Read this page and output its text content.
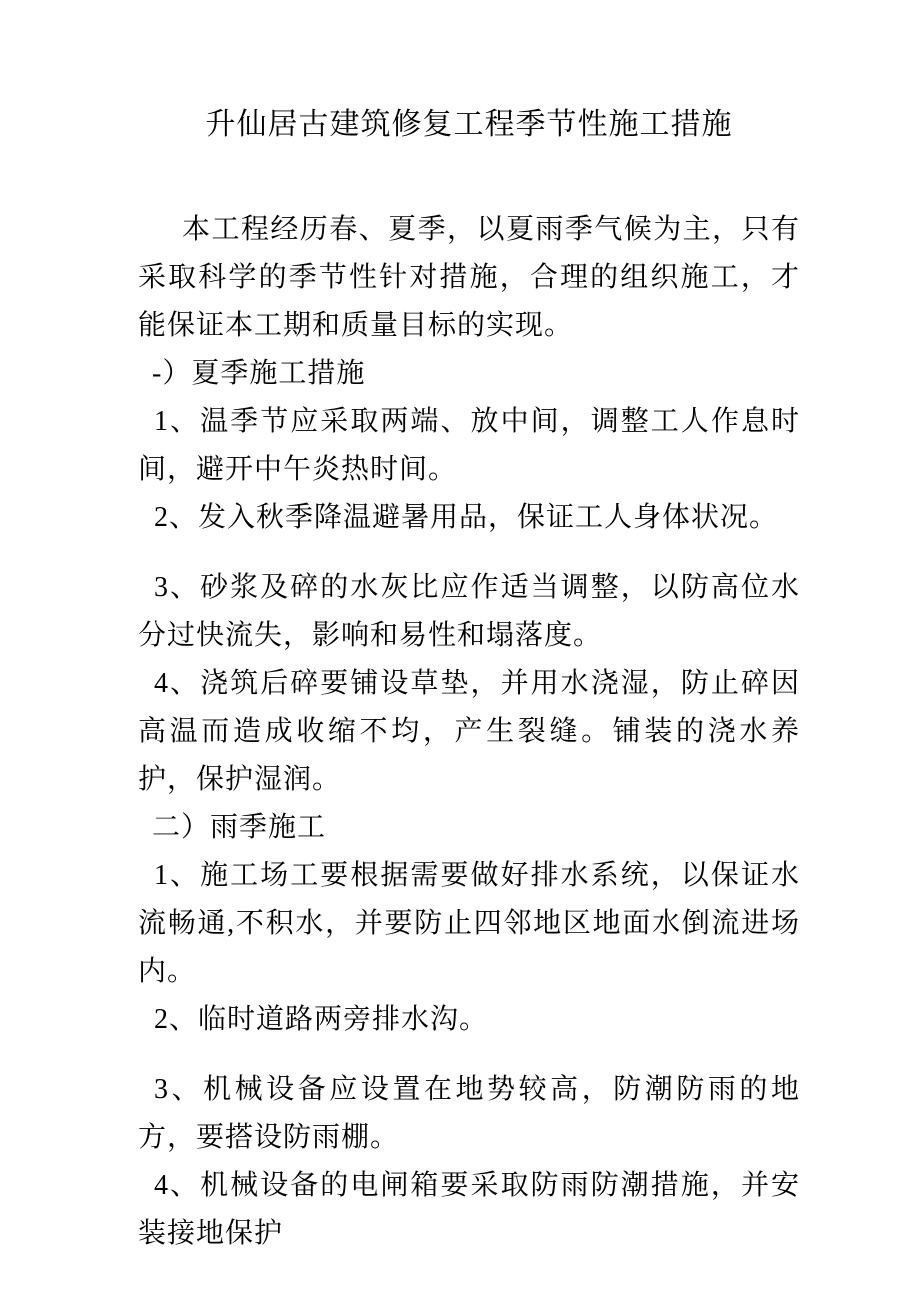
升仙居古建筑修复工程季节性施工措施

本工程经历春、夏季，以夏雨季气候为主，只有采取科学的季节性针对措施，合理的组织施工，才能保证本工期和质量目标的实现。

-）夏季施工措施

1、温季节应采取两端、放中间，调整工人作息时间，避开中午炎热时间。

2、发入秋季降温避暑用品，保证工人身体状况。

3、砂浆及碎的水灰比应作适当调整，以防高位水分过快流失，影响和易性和塌落度。

4、浇筑后碎要铺设草垫，并用水浇湿，防止碎因高温而造成收缩不均，产生裂缝。铺装的浇水养护，保护湿润。

二）雨季施工

1、施工场工要根据需要做好排水系统，以保证水流畅通,不积水，并要防止四邻地区地面水倒流进场内。

2、临时道路两旁排水沟。

3、机械设备应设置在地势较高，防潮防雨的地方，要搭设防雨棚。

4、机械设备的电闸箱要采取防雨防潮措施，并安装接地保护
